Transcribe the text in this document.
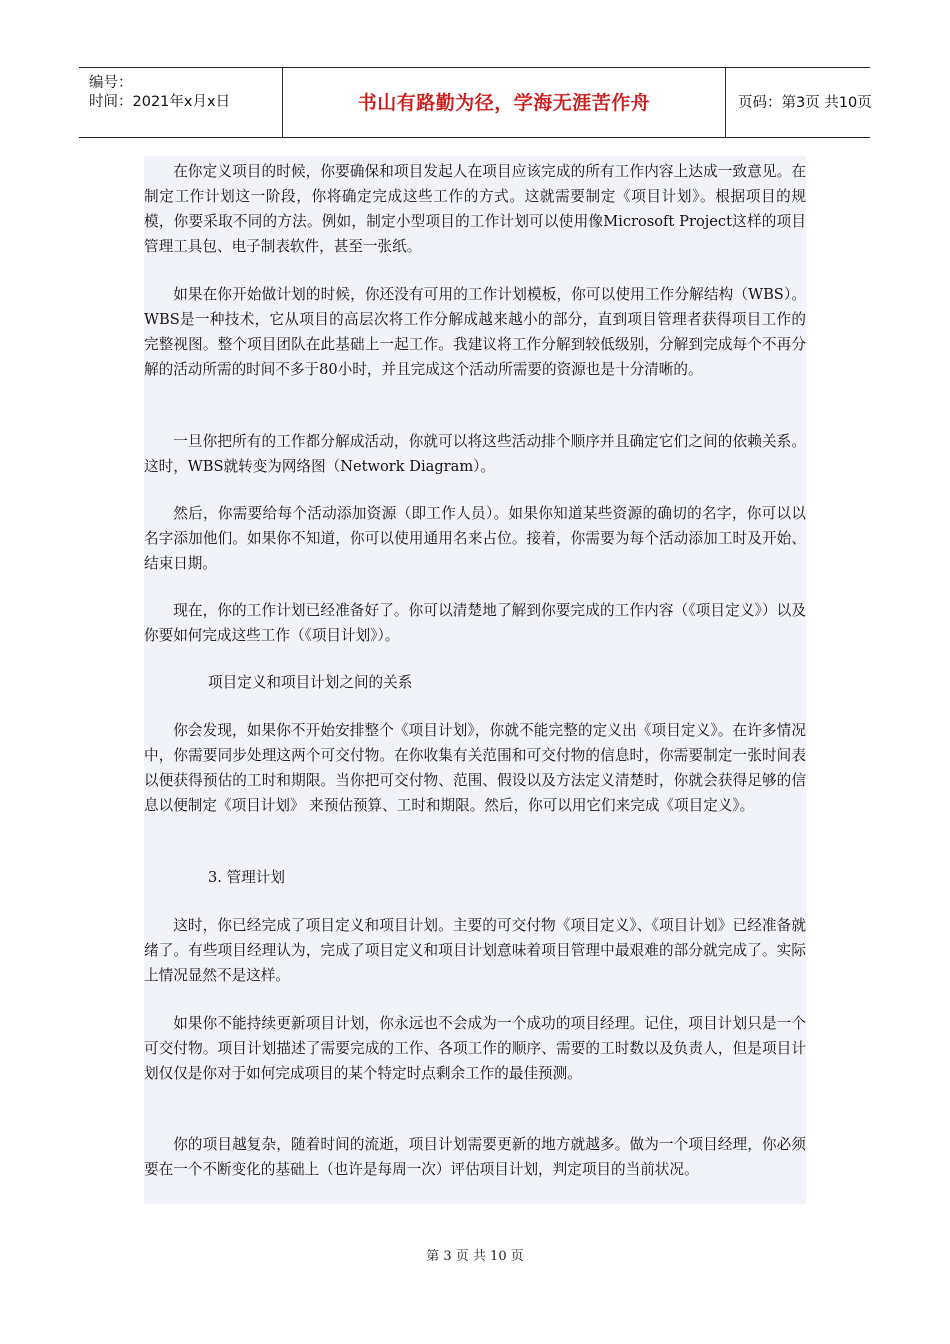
编号：
时间：2021年x月x日	书山有路勤为径，学海无涯苦作舟	页码：第3页 共10页

在你定义项目的时候，你要确保和项目发起人在项目应该完成的所有工作内容上达成一致意见。在制定工作计划这一阶段，你将确定完成这些工作的方式。这就需要制定《项目计划》。根据项目的规模，你要采取不同的方法。例如，制定小型项目的工作计划可以使用像Microsoft Project这样的项目管理工具包、电子制表软件，甚至一张纸。

如果在你开始做计划的时候，你还没有可用的工作计划模板，你可以使用工作分解结构（WBS）。WBS是一种技术，它从项目的高层次将工作分解成越来越小的部分，直到项目管理者获得项目工作的完整视图。整个项目团队在此基础上一起工作。我建议将工作分解到较低级别，分解到完成每个不再分解的活动所需的时间不多于80小时，并且完成这个活动所需要的资源也是十分清晰的。

一旦你把所有的工作都分解成活动，你就可以将这些活动排个顺序并且确定它们之间的依赖关系。这时，WBS就转变为网络图（Network Diagram）。

然后，你需要给每个活动添加资源（即工作人员）。如果你知道某些资源的确切的名字，你可以以名字添加他们。如果你不知道，你可以使用通用名来占位。接着，你需要为每个活动添加工时及开始、结束日期。

现在，你的工作计划已经准备好了。你可以清楚地了解到你要完成的工作内容（《项目定义》）以及你要如何完成这些工作（《项目计划》）。

项目定义和项目计划之间的关系

你会发现，如果你不开始安排整个《项目计划》，你就不能完整的定义出《项目定义》。在许多情况中，你需要同步处理这两个可交付物。在你收集有关范围和可交付物的信息时，你需要制定一张时间表以便获得预估的工时和期限。当你把可交付物、范围、假设以及方法定义清楚时，你就会获得足够的信息以便制定《项目计划》 来预估预算、工时和期限。然后，你可以用它们来完成《项目定义》。

3. 管理计划

这时，你已经完成了项目定义和项目计划。主要的可交付物《项目定义》、《项目计划》已经准备就绪了。有些项目经理认为，完成了项目定义和项目计划意味着项目管理中最艰难的部分就完成了。实际上情况显然不是这样。

如果你不能持续更新项目计划，你永远也不会成为一个成功的项目经理。记住，项目计划只是一个可交付物。项目计划描述了需要完成的工作、各项工作的顺序、需要的工时数以及负责人，但是项目计划仅仅是你对于如何完成项目的某个特定时点剩余工作的最佳预测。

你的项目越复杂，随着时间的流逝，项目计划需要更新的地方就越多。做为一个项目经理，你必须要在一个不断变化的基础上（也许是每周一次）评估项目计划，判定项目的当前状况。

第 3 页 共 10 页
